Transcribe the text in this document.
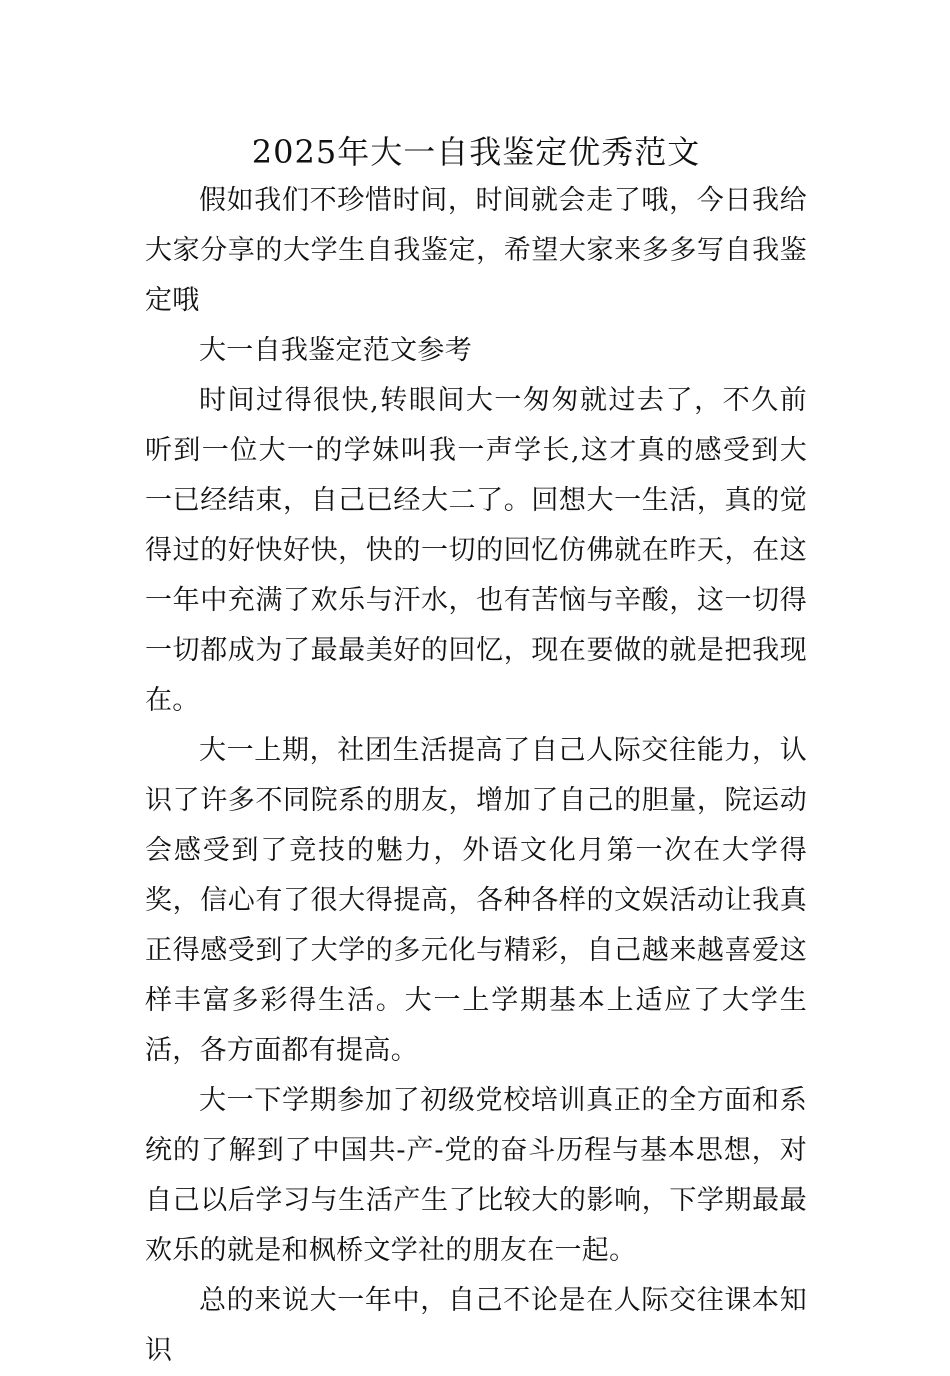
2025年大一自我鉴定优秀范文

假如我们不珍惜时间，时间就会走了哦，今日我给大家分享的大学生自我鉴定，希望大家来多多写自我鉴定哦

大一自我鉴定范文参考

时间过得很快,转眼间大一匆匆就过去了，不久前听到一位大一的学妹叫我一声学长,这才真的感受到大一已经结束，自己已经大二了。回想大一生活，真的觉得过的好快好快，快的一切的回忆仿佛就在昨天，在这一年中充满了欢乐与汗水，也有苦恼与辛酸，这一切得一切都成为了最最美好的回忆，现在要做的就是把我现在。

大一上期，社团生活提高了自己人际交往能力，认识了许多不同院系的朋友，增加了自己的胆量，院运动会感受到了竞技的魅力，外语文化月第一次在大学得奖，信心有了很大得提高，各种各样的文娱活动让我真正得感受到了大学的多元化与精彩，自己越来越喜爱这样丰富多彩得生活。大一上学期基本上适应了大学生活，各方面都有提高。

大一下学期参加了初级党校培训真正的全方面和系统的了解到了中国共-产-党的奋斗历程与基本思想，对自己以后学习与生活产生了比较大的影响，下学期最最欢乐的就是和枫桥文学社的朋友在一起。

总的来说大一年中，自己不论是在人际交往课本知识
